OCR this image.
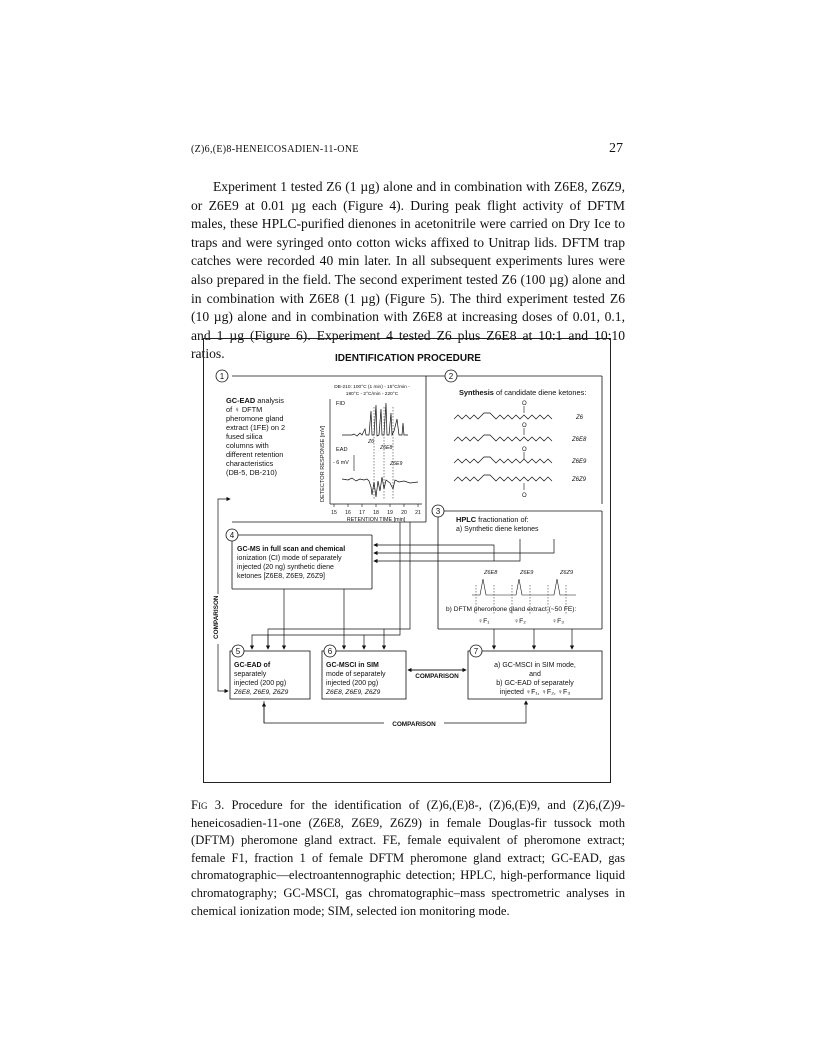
(Z)6,(E)8-HENEICOSADIEN-11-ONE	27

Experiment 1 tested Z6 (1 µg) alone and in combination with Z6E8, Z6Z9, or Z6E9 at 0.01 µg each (Figure 4). During peak flight activity of DFTM males, these HPLC-purified dienones in acetonitrile were carried on Dry Ice to traps and were syringed onto cotton wicks affixed to Unitrap lids. DFTM trap catches were recorded 40 min later. In all subsequent experiments lures were also prepared in the field. The second experiment tested Z6 (100 µg) alone and in combination with Z6E8 (1 µg) (Figure 5). The third experiment tested Z6 (10 µg) alone and in combination with Z6E8 at increasing doses of 0.01, 0.1, and 1 µg (Figure 6). Experiment 4 tested Z6 plus Z6E8 at 10:1 and 10:10 ratios.	IDENTIFICATION PROCEDURE
1
GC-EAD analysis
of ♀ DFTM
pheromone gland
extract (1FE) on 2
fused silica
columns with
different retention
characteristics
(DB-5, DB-210)
DB-210: 100°C (1 min) - 15°C/min -
180°C - 2°C/min - 220°C
DETECTOR RESPONSE [mV]
15 16 17 18 19 20 21
RETENTION TIME [min]
FID
EAD
- 6 mV
Z6
Z6E8
Z6E9
2
Synthesis of candidate diene ketones:
O
Z6
O
Z6E8
O
Z6E9
O
Z6Z9
3
HPLC fractionation of:
a) Synthetic diene ketones
Z6E8	Z6E9	Z6Z9
b) DFTM pheromone gland extract (~50 FE):
♀F₁	♀F₂	♀F₃
4
GC-MS in full scan and chemical
ionization (CI) mode of separately
injected (20 ng) synthetic diene
ketones [Z6E8, Z6E9, Z6Z9]
5
GC-EAD of
separately
injected (200 pg)
Z6E8, Z6E9, Z6Z9
6
GC-MSCI in SIM
mode of separately
injected (200 pg)
Z6E8, Z6E9, Z6Z9
7
a) GC-MSCI in SIM mode,
and
b) GC-EAD of separately
injected ♀F₁, ♀F₂, ♀F₃
COMPARISON
COMPARISON
COMPARISON

Fig 3. Procedure for the identification of (Z)6,(E)8-, (Z)6,(E)9, and (Z)6,(Z)9-heneicosadien-11-one (Z6E8, Z6E9, Z6Z9) in female Douglas-fir tussock moth (DFTM) pheromone gland extract. FE, female equivalent of pheromone extract; female F1, fraction 1 of female DFTM pheromone gland extract; GC-EAD, gas chromatographic—electroantennographic detection; HPLC, high-performance liquid chromatography; GC-MSCI, gas chromatographic–mass spectrometric analyses in chemical ionization mode; SIM, selected ion monitoring mode.
